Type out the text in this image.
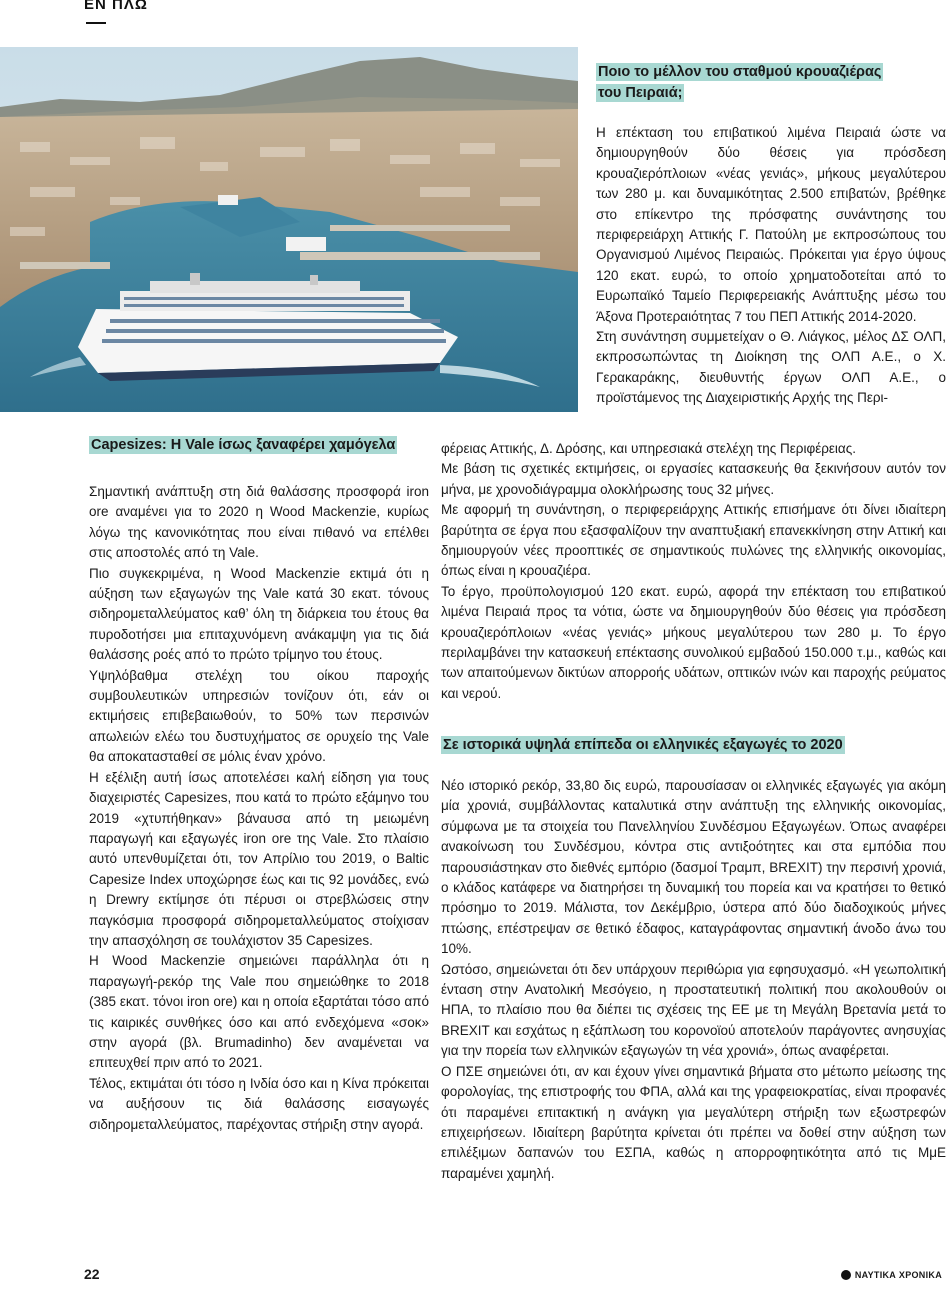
ΕΝ ΠΛΩ
Ποιο το μέλλον του σταθμού κρουαζιέρας
του Πειραιά;

Η επέκταση του επιβατικού λιμένα Πειραιά ώστε να δημιουργηθούν δύο θέσεις για πρόσδεση κρουαζιερόπλοιων «νέας γενιάς», μήκους μεγαλύτερου των 280 μ. και δυναμικότητας 2.500 επιβατών, βρέθηκε στο επίκεντρο της πρόσφατης συνάντησης του περιφερειάρχη Αττικής Γ. Πατούλη με εκπροσώπους του Οργανισμού Λιμένος Πειραιώς. Πρόκειται για έργο ύψους 120 εκατ. ευρώ, το οποίο χρηματοδοτείται από το Ευρωπαϊκό Ταμείο Περιφερειακής Ανάπτυξης μέσω του Άξονα Προτεραιότητας 7 του ΠΕΠ Αττικής 2014-2020.

Στη συνάντηση συμμετείχαν ο Θ. Λιάγκος, μέλος ΔΣ ΟΛΠ, εκπροσωπώντας τη Διοίκηση της ΟΛΠ Α.Ε., ο Χ. Γερακαράκης, διευθυντής έργων ΟΛΠ Α.Ε., ο προϊστάμενος της Διαχειριστικής Αρχής της Περι-

Capesizes: Η Vale ίσως ξαναφέρει χαμόγελα

Σημαντική ανάπτυξη στη διά θαλάσσης προσφορά iron ore αναμένει για το 2020 η Wood Mackenzie, κυρίως λόγω της κανονικότητας που είναι πιθανό να επέλθει στις αποστολές από τη Vale.

Πιο συγκεκριμένα, η Wood Mackenzie εκτιμά ότι η αύξηση των εξαγωγών της Vale κατά 30 εκατ. τόνους σιδηρομεταλλεύματος καθ’ όλη τη διάρκεια του έτους θα πυροδοτήσει μια επιταχυνόμενη ανάκαμψη για τις διά θαλάσσης ροές από το πρώτο τρίμηνο του έτους.

Υψηλόβαθμα στελέχη του οίκου παροχής συμβουλευτικών υπηρεσιών τονίζουν ότι, εάν οι εκτιμήσεις επιβεβαιωθούν, το 50% των περσινών απωλειών ελέω του δυστυχήματος σε ορυχείο της Vale θα αποκατασταθεί σε μόλις έναν χρόνο.

Η εξέλιξη αυτή ίσως αποτελέσει καλή είδηση για τους διαχειριστές Capesizes, που κατά το πρώτο εξάμηνο του 2019 «χτυπήθηκαν» βάναυσα από τη μειωμένη παραγωγή και εξαγωγές iron ore της Vale. Στο πλαίσιο αυτό υπενθυμίζεται ότι, τον Απρίλιο του 2019, ο Baltic Capesize Index υποχώρησε έως και τις 92 μονάδες, ενώ η Drewry εκτίμησε ότι πέρυσι οι στρεβλώσεις στην παγκόσμια προσφορά σιδηρομεταλλεύματος στοίχισαν την απασχόληση σε τουλάχιστον 35 Capesizes.

Η Wood Mackenzie σημειώνει παράλληλα ότι η παραγωγή-ρεκόρ της Vale που σημειώθηκε το 2018 (385 εκατ. τόνοι iron ore) και η οποία εξαρτάται τόσο από τις καιρικές συνθήκες όσο και από ενδεχόμενα «σοκ» στην αγορά (βλ. Brumadinho) δεν αναμένεται να επιτευχθεί πριν από το 2021.

Τέλος, εκτιμάται ότι τόσο η Ινδία όσο και η Κίνα πρόκειται να αυξήσουν τις διά θαλάσσης εισαγωγές σιδηρομεταλλεύματος, παρέχοντας στήριξη στην αγορά.

φέρειας Αττικής, Δ. Δρόσης, και υπηρεσιακά στελέχη της Περιφέρειας.

Με βάση τις σχετικές εκτιμήσεις, οι εργασίες κατασκευής θα ξεκινήσουν αυτόν τον μήνα, με χρονοδιάγραμμα ολοκλήρωσης τους 32 μήνες.

Με αφορμή τη συνάντηση, ο περιφερειάρχης Αττικής επισήμανε ότι δίνει ιδιαίτερη βαρύτητα σε έργα που εξασφαλίζουν την αναπτυξιακή επανεκκίνηση στην Αττική και δημιουργούν νέες προοπτικές σε σημαντικούς πυλώνες της ελληνικής οικονομίας, όπως είναι η κρουαζιέρα.

Το έργο, προϋπολογισμού 120 εκατ. ευρώ, αφορά την επέκταση του επιβατικού λιμένα Πειραιά προς τα νότια, ώστε να δημιουργηθούν δύο θέσεις για πρόσδεση κρουαζιερόπλοιων «νέας γενιάς» μήκους μεγαλύτερου των 280 μ. Το έργο περιλαμβάνει την κατασκευή επέκτασης συνολικού εμβαδού 150.000 τ.μ., καθώς και των απαιτούμενων δικτύων απορροής υδάτων, οπτικών ινών και παροχής ρεύματος και νερού.

Σε ιστορικά υψηλά επίπεδα οι ελληνικές εξαγωγές το 2020

Νέο ιστορικό ρεκόρ, 33,80 δις ευρώ, παρουσίασαν οι ελληνικές εξαγωγές για ακόμη μία χρονιά, συμβάλλοντας καταλυτικά στην ανάπτυξη της ελληνικής οικονομίας, σύμφωνα με τα στοιχεία του Πανελληνίου Συνδέσμου Εξαγωγέων. Όπως αναφέρει ανακοίνωση του Συνδέσμου, κόντρα στις αντιξοότητες και στα εμπόδια που παρουσιάστηκαν στο διεθνές εμπόριο (δασμοί Τραμπ, BREXIT) την περσινή χρονιά, ο κλάδος κατάφερε να διατηρήσει τη δυναμική του πορεία και να κρατήσει το θετικό πρόσημο το 2019. Μάλιστα, τον Δεκέμβριο, ύστερα από δύο διαδοχικούς μήνες πτώσης, επέστρεψαν σε θετικό έδαφος, καταγράφοντας σημαντική άνοδο άνω του 10%.

Ωστόσο, σημειώνεται ότι δεν υπάρχουν περιθώρια για εφησυχασμό. «Η γεωπολιτική ένταση στην Ανατολική Μεσόγειο, η προστατευτική πολιτική που ακολουθούν οι ΗΠΑ, το πλαίσιο που θα διέπει τις σχέσεις της ΕΕ με τη Μεγάλη Βρετανία μετά το BREXIT και εσχάτως η εξάπλωση του κορονοϊού αποτελούν παράγοντες ανησυχίας για την πορεία των ελληνικών εξαγωγών τη νέα χρονιά», όπως αναφέρεται.

Ο ΠΣΕ σημειώνει ότι, αν και έχουν γίνει σημαντικά βήματα στο μέτωπο μείωσης της φορολογίας, της επιστροφής του ΦΠΑ, αλλά και της γραφειοκρατίας, είναι προφανές ότι παραμένει επιτακτική η ανάγκη για μεγαλύτερη στήριξη των εξωστρεφών επιχειρήσεων. Ιδιαίτερη βαρύτητα κρίνεται ότι πρέπει να δοθεί στην αύξηση των επιλέξιμων δαπανών του ΕΣΠΑ, καθώς η απορροφητικότητα από τις ΜμΕ παραμένει χαμηλή.

22	ΝΑΥΤΙΚΑ ΧΡΟΝΙΚΑ
